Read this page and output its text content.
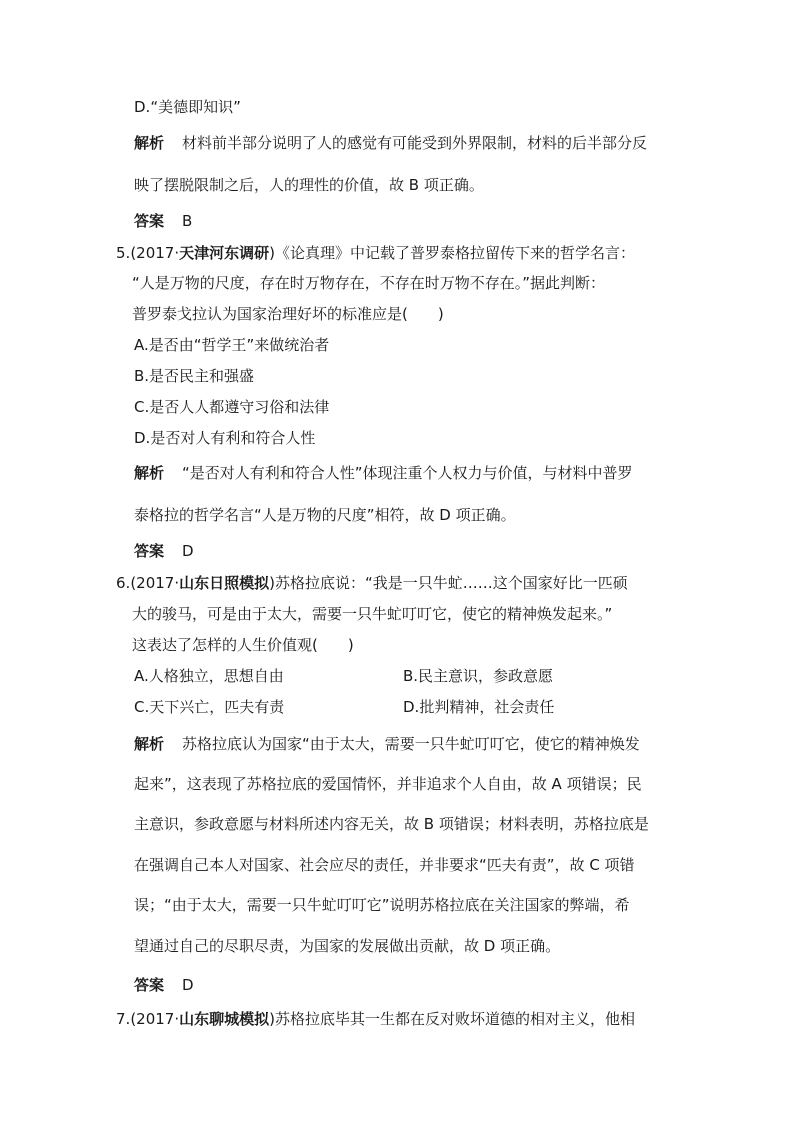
D.“美德即知识”
解析 材料前半部分说明了人的感觉有可能受到外界限制，材料的后半部分反
映了摆脱限制之后，人的理性的价值，故 B 项正确。
答案 B
5.(2017·天津河东调研)《论真理》中记载了普罗泰格拉留传下来的哲学名言：
“人是万物的尺度，存在时万物存在，不存在时万物不存在。”据此判断：
普罗泰戈拉认为国家治理好坏的标准应是(　　)
A.是否由“哲学王”来做统治者
B.是否民主和强盛
C.是否人人都遵守习俗和法律
D.是否对人有利和符合人性
解析 “是否对人有利和符合人性”体现注重个人权力与价值，与材料中普罗
泰格拉的哲学名言“人是万物的尺度”相符，故 D 项正确。
答案 D
6.(2017·山东日照模拟)苏格拉底说：“我是一只牛虻……这个国家好比一匹硕
大的骏马，可是由于太大，需要一只牛虻叮叮它，使它的精神焕发起来。”
这表达了怎样的人生价值观(　　)
A.人格独立，思想自由	B.民主意识，参政意愿
C.天下兴亡，匹夫有责	D.批判精神，社会责任
解析 苏格拉底认为国家“由于太大，需要一只牛虻叮叮它，使它的精神焕发
起来”，这表现了苏格拉底的爱国情怀，并非追求个人自由，故 A 项错误；民
主意识，参政意愿与材料所述内容无关，故 B 项错误；材料表明，苏格拉底是
在强调自己本人对国家、社会应尽的责任，并非要求“匹夫有责”，故 C 项错
误；“由于太大，需要一只牛虻叮叮它”说明苏格拉底在关注国家的弊端，希
望通过自己的尽职尽责，为国家的发展做出贡献，故 D 项正确。
答案 D
7.(2017·山东聊城模拟)苏格拉底毕其一生都在反对败坏道德的相对主义，他相
